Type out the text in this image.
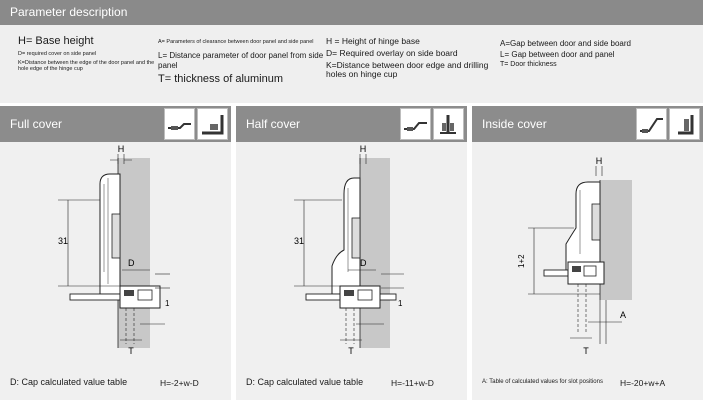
Parameter description
H= Base height
D= required cover on side panel
K=Distance between the edge of the door panel and the
hole edge of the hinge cup
A= Parameters of clearance between door panel and side panel
L= Distance parameter of door panel from side panel
T= thickness of aluminum
H = Height of hinge base
D= Required overlay on side board
K=Distance between door edge and drilling
holes on hinge cup
A=Gap between door and side board
L= Gap between door and panel
T= Door thickness
Full cover
H
31
D
1
T
D: Cap calculated value table	H=-2+w-D
Half cover
H
31
D
1
T
D: Cap calculated value table	H=-11+w-D
Inside cover
H
1+2
A
T
A: Table of calculated values for slot positions H=-20+w+A
